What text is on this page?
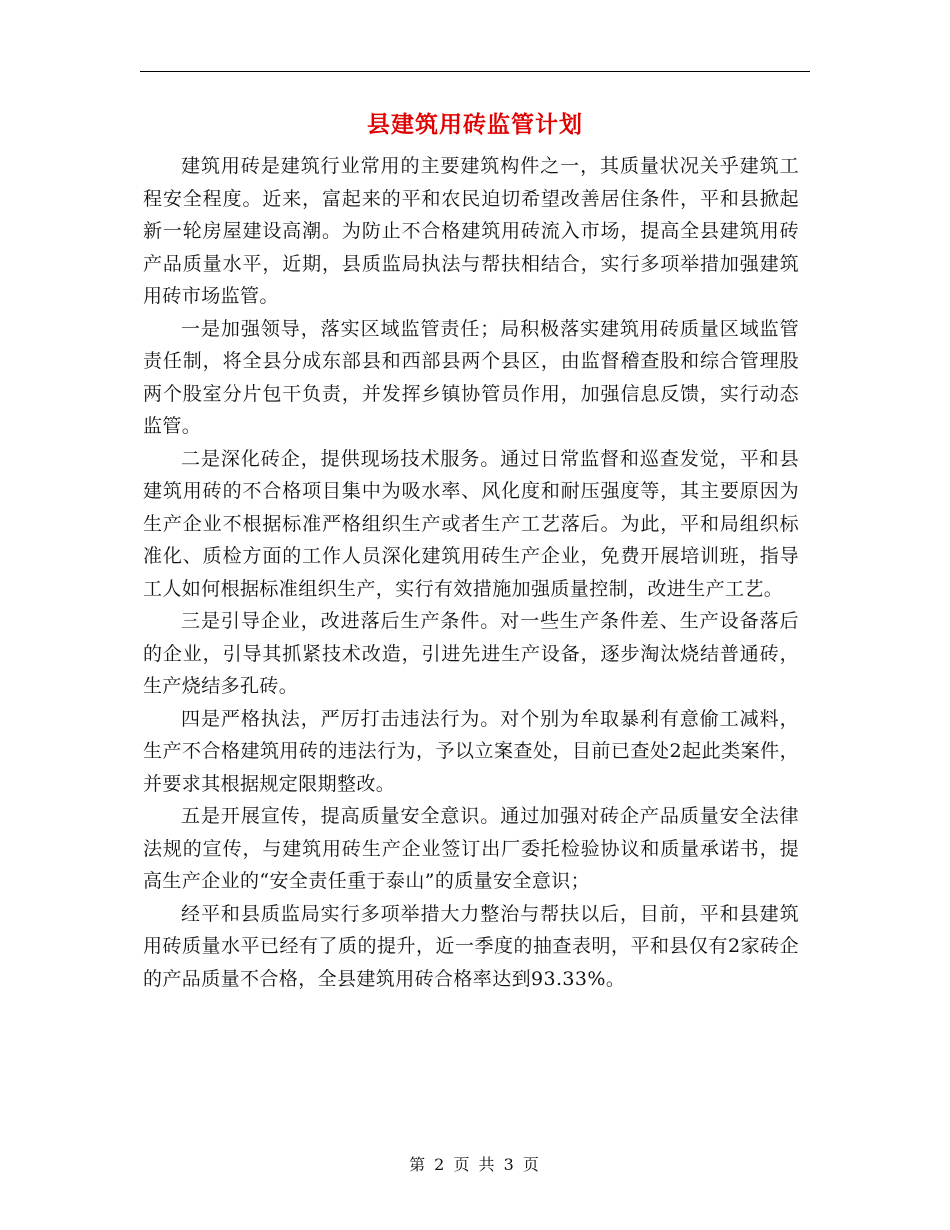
县建筑用砖监管计划

建筑用砖是建筑行业常用的主要建筑构件之一，其质量状况关乎建筑工程安全程度。近来，富起来的平和农民迫切希望改善居住条件，平和县掀起新一轮房屋建设高潮。为防止不合格建筑用砖流入市场，提高全县建筑用砖产品质量水平，近期，县质监局执法与帮扶相结合，实行多项举措加强建筑用砖市场监管。

一是加强领导，落实区域监管责任；局积极落实建筑用砖质量区域监管责任制，将全县分成东部县和西部县两个县区，由监督稽查股和综合管理股两个股室分片包干负责，并发挥乡镇协管员作用，加强信息反馈，实行动态监管。

二是深化砖企，提供现场技术服务。通过日常监督和巡查发觉，平和县建筑用砖的不合格项目集中为吸水率、风化度和耐压强度等，其主要原因为生产企业不根据标准严格组织生产或者生产工艺落后。为此，平和局组织标准化、质检方面的工作人员深化建筑用砖生产企业，免费开展培训班，指导工人如何根据标准组织生产，实行有效措施加强质量控制，改进生产工艺。

三是引导企业，改进落后生产条件。对一些生产条件差、生产设备落后的企业，引导其抓紧技术改造，引进先进生产设备，逐步淘汰烧结普通砖，生产烧结多孔砖。

四是严格执法，严厉打击违法行为。对个别为牟取暴利有意偷工减料，生产不合格建筑用砖的违法行为，予以立案查处，目前已查处2起此类案件，并要求其根据规定限期整改。

五是开展宣传，提高质量安全意识。通过加强对砖企产品质量安全法律法规的宣传，与建筑用砖生产企业签订出厂委托检验协议和质量承诺书，提高生产企业的“安全责任重于泰山”的质量安全意识；

经平和县质监局实行多项举措大力整治与帮扶以后，目前，平和县建筑用砖质量水平已经有了质的提升，近一季度的抽查表明，平和县仅有2家砖企的产品质量不合格，全县建筑用砖合格率达到93.33%。

第 2 页 共 3 页
